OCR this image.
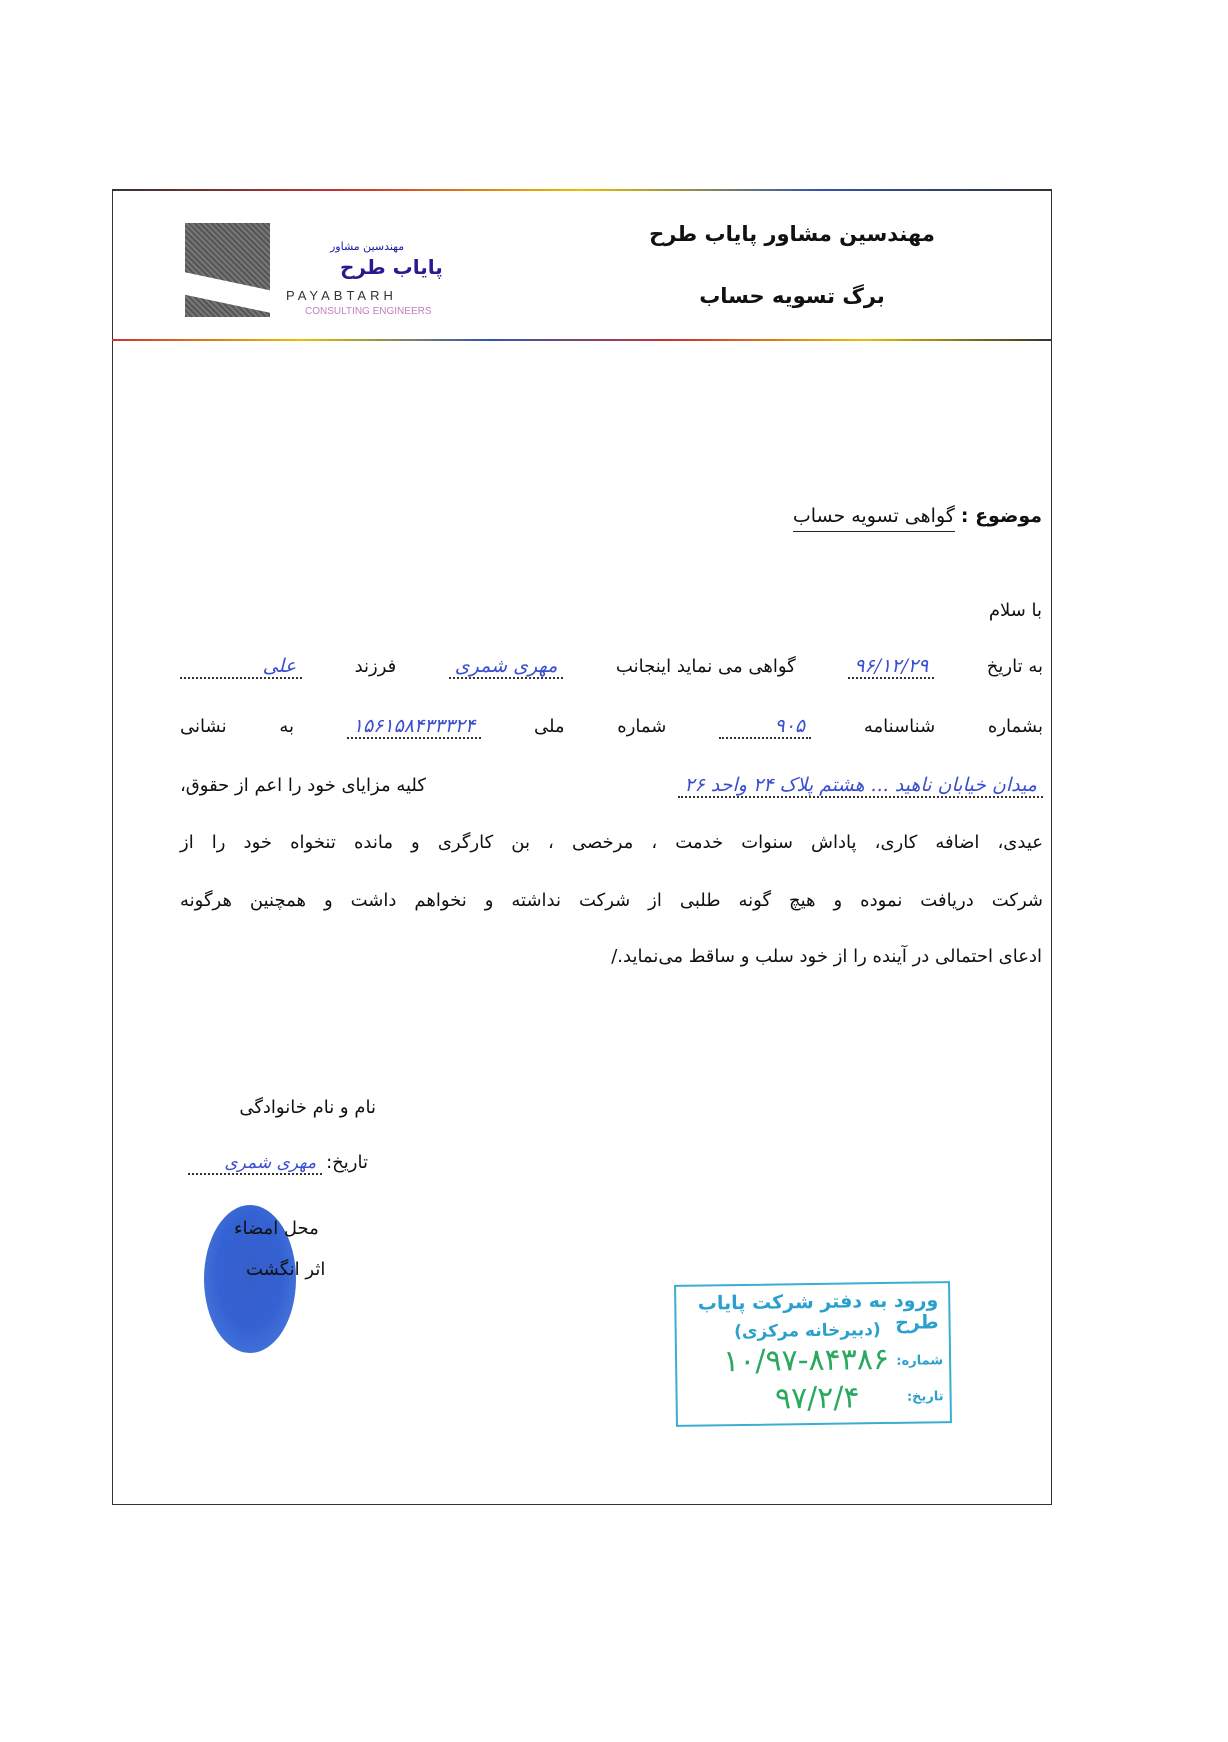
مهندسین مشاور پایاب طرح
برگ تسویه حساب
مهندسین مشاور
پایاب طرح
PAYABTARH
CONSULTING ENGINEERS
موضوع : گواهی تسویه حساب
با سلام
به تاریخ
۹۶/۱۲/۲۹
گواهی می نماید اینجانب
مهری شمری
فرزند
علی
بشماره
شناسنامه
۹۰۵
شماره
ملی
۱۵۶۱۵۸۴۳۳۳۲۴
به
نشانی
میدان خیابان ناهید ... هشتم پلاک ۲۴ واحد ۲۶
کلیه مزایای خود را اعم از حقوق،
عیدی، اضافه کاری، پاداش سنوات خدمت ، مرخصی ، بن کارگری و مانده تنخواه خود را از
شرکت دریافت نموده و هیچ گونه طلبی از شرکت نداشته و نخواهم داشت و همچنین هرگونه
ادعای احتمالی در آینده را از خود سلب و ساقط می‌نماید./
نام و نام خانوادگی
تاریخ:
مهری شمری
محل امضاء
اثر انگشت
ورود به دفتر شرکت پایاب طرح
(دبیرخانه مرکزی)
شماره:
۱۰/۹۷-۸۴۳۸۶
تاریخ:
۹۷/۲/۴
